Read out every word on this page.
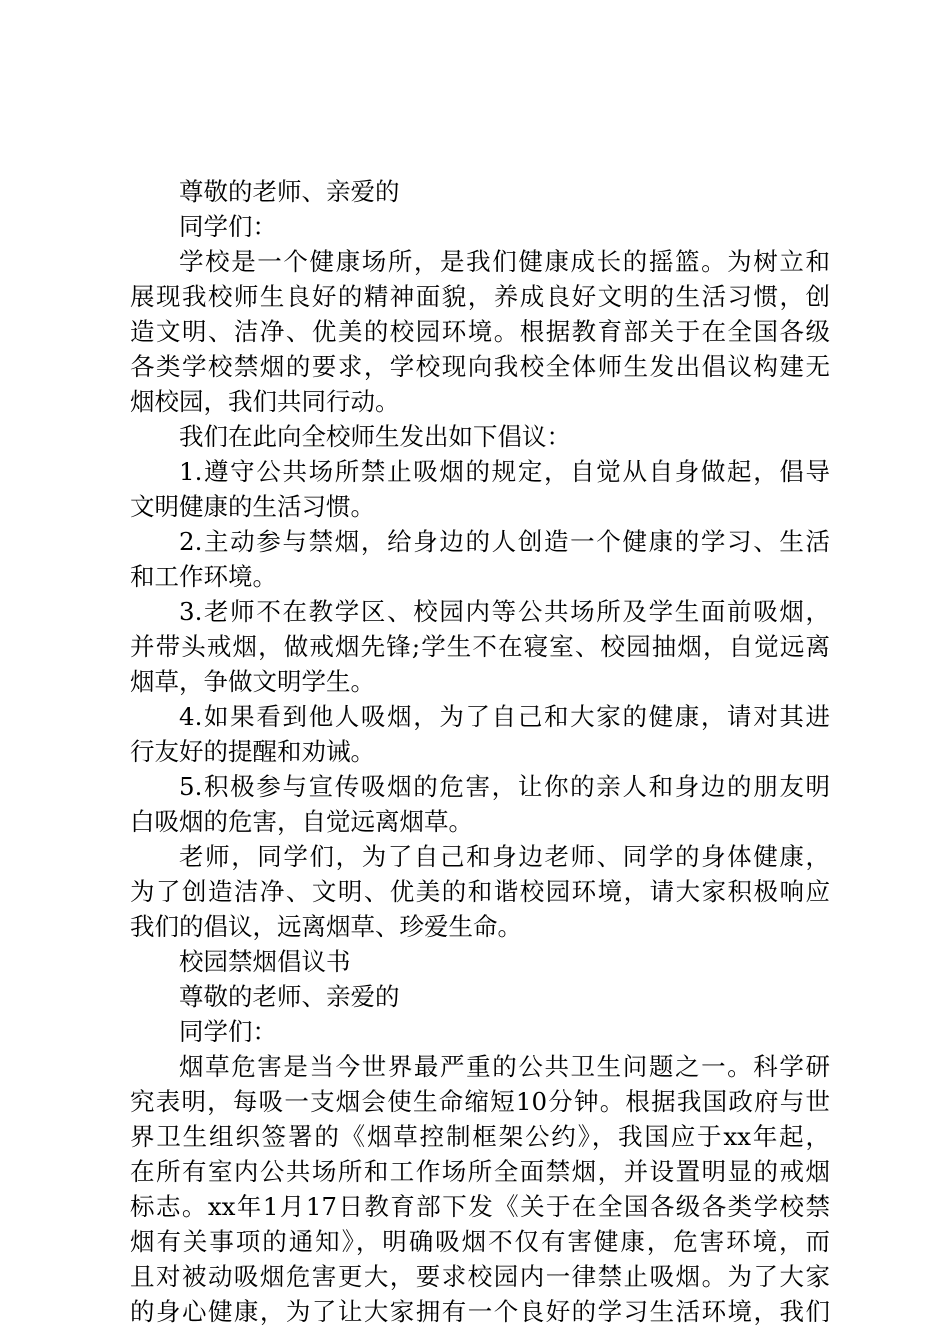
尊敬的老师、亲爱的
同学们：
学校是一个健康场所，是我们健康成长的摇篮。为树立和
展现我校师生良好的精神面貌，养成良好文明的生活习惯，创
造文明、洁净、优美的校园环境。根据教育部关于在全国各级
各类学校禁烟的要求，学校现向我校全体师生发出倡议构建无
烟校园，我们共同行动。
我们在此向全校师生发出如下倡议：
1.遵守公共场所禁止吸烟的规定，自觉从自身做起，倡导
文明健康的生活习惯。
2.主动参与禁烟，给身边的人创造一个健康的学习、生活
和工作环境。
3.老师不在教学区、校园内等公共场所及学生面前吸烟，
并带头戒烟，做戒烟先锋;学生不在寝室、校园抽烟，自觉远离
烟草，争做文明学生。
4.如果看到他人吸烟，为了自己和大家的健康，请对其进
行友好的提醒和劝诫。
5.积极参与宣传吸烟的危害，让你的亲人和身边的朋友明
白吸烟的危害，自觉远离烟草。
老师，同学们，为了自己和身边老师、同学的身体健康，
为了创造洁净、文明、优美的和谐校园环境，请大家积极响应
我们的倡议，远离烟草、珍爱生命。
校园禁烟倡议书
尊敬的老师、亲爱的
同学们：
烟草危害是当今世界最严重的公共卫生问题之一。科学研
究表明，每吸一支烟会使生命缩短10分钟。根据我国政府与世
界卫生组织签署的《烟草控制框架公约》，我国应于xx年起，
在所有室内公共场所和工作场所全面禁烟，并设置明显的戒烟
标志。xx年1月17日教育部下发《关于在全国各级各类学校禁
烟有关事项的通知》，明确吸烟不仅有害健康，危害环境，而
且对被动吸烟危害更大，要求校园内一律禁止吸烟。为了大家
的身心健康，为了让大家拥有一个良好的学习生活环境，我们
